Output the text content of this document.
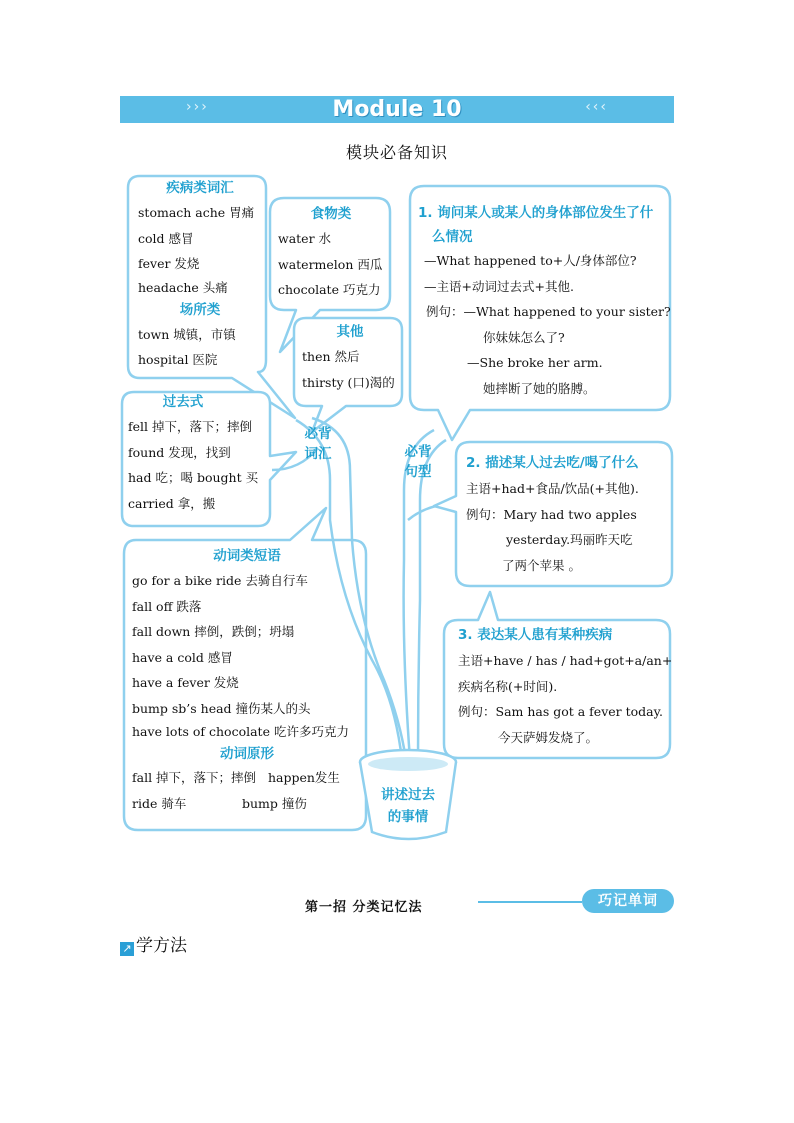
›››	Module 10	‹‹‹
模块必备知识
必背
词汇	必背
句型
讲述过去
的事情
疾病类词汇
stomach ache 胃痛
cold 感冒
fever 发烧
headache 头痛
场所类
town 城镇，市镇
hospital 医院
食物类
water 水
watermelon 西瓜
chocolate 巧克力
其他
then 然后
thirsty (口)渴的
过去式
fell 掉下，落下；摔倒
found 发现，找到
had 吃；喝 bought 买
carried 拿，搬
动词类短语
go for a bike ride 去骑自行车
fall off 跌落
fall down 摔倒，跌倒；坍塌
have a cold 感冒
have a fever 发烧
bump sb’s head 撞伤某人的头
have lots of chocolate 吃许多巧克力
动词原形
fall 掉下，落下；摔倒   happen发生
ride 骑车              bump 撞伤
1. 询问某人或某人的身体部位发生了什
么情况
—What happened to+人/身体部位?
—主语+动词过去式+其他.
例句：—What happened to your sister?
你妹妹怎么了?
—She broke her arm.
她摔断了她的胳膊。
2. 描述某人过去吃/喝了什么
主语+had+食品/饮品(+其他).
例句：Mary had two apples
yesterday.玛丽昨天吃
了两个苹果 。
3. 表达某人患有某种疾病
主语+have / has / had+got+a/an+
疾病名称(+时间).
例句：Sam has got a fever today.
今天萨姆发烧了。
第一招 分类记忆法	巧记单词
↗ 学方法
